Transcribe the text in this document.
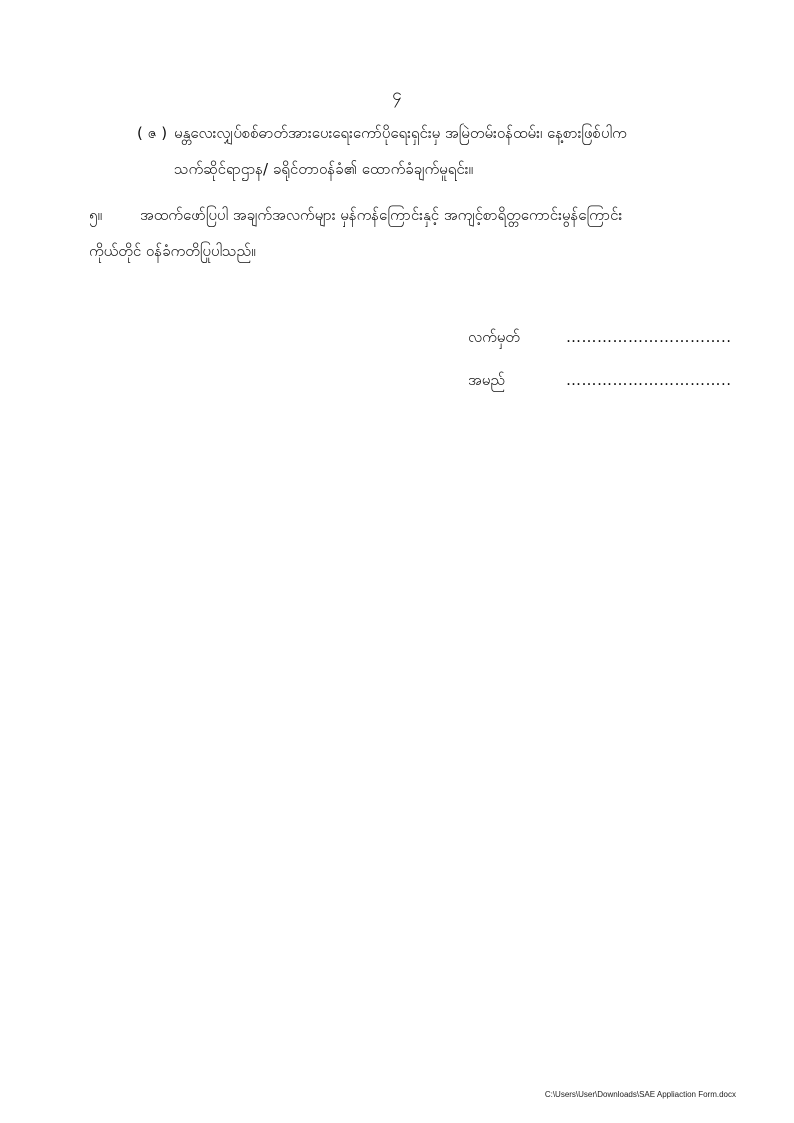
၄
( ဇ ) မန္တလေးလျှပ်စစ်ဓာတ်အားပေးရေးကော်ပိုရေးရှင်းမှ အမြဲတမ်းဝန်ထမ်း၊ နေ့စားဖြစ်ပါက
သက်ဆိုင်ရာဌာန/ ခရိုင်တာဝန်ခံ၏ ထောက်ခံချက်မူရင်း။
၅။	အထက်ဖော်ပြပါ အချက်အလက်များ မှန်ကန်ကြောင်းနှင့် အကျင့်စာရိတ္တကောင်းမွန်ကြောင်း
ကိုယ်တိုင် ဝန်ခံကတိပြုပါသည်။
လက်မှတ်	…………………………..
အမည်	…………………………..
C:\Users\User\Downloads\SAE Appliaction Form.docx
